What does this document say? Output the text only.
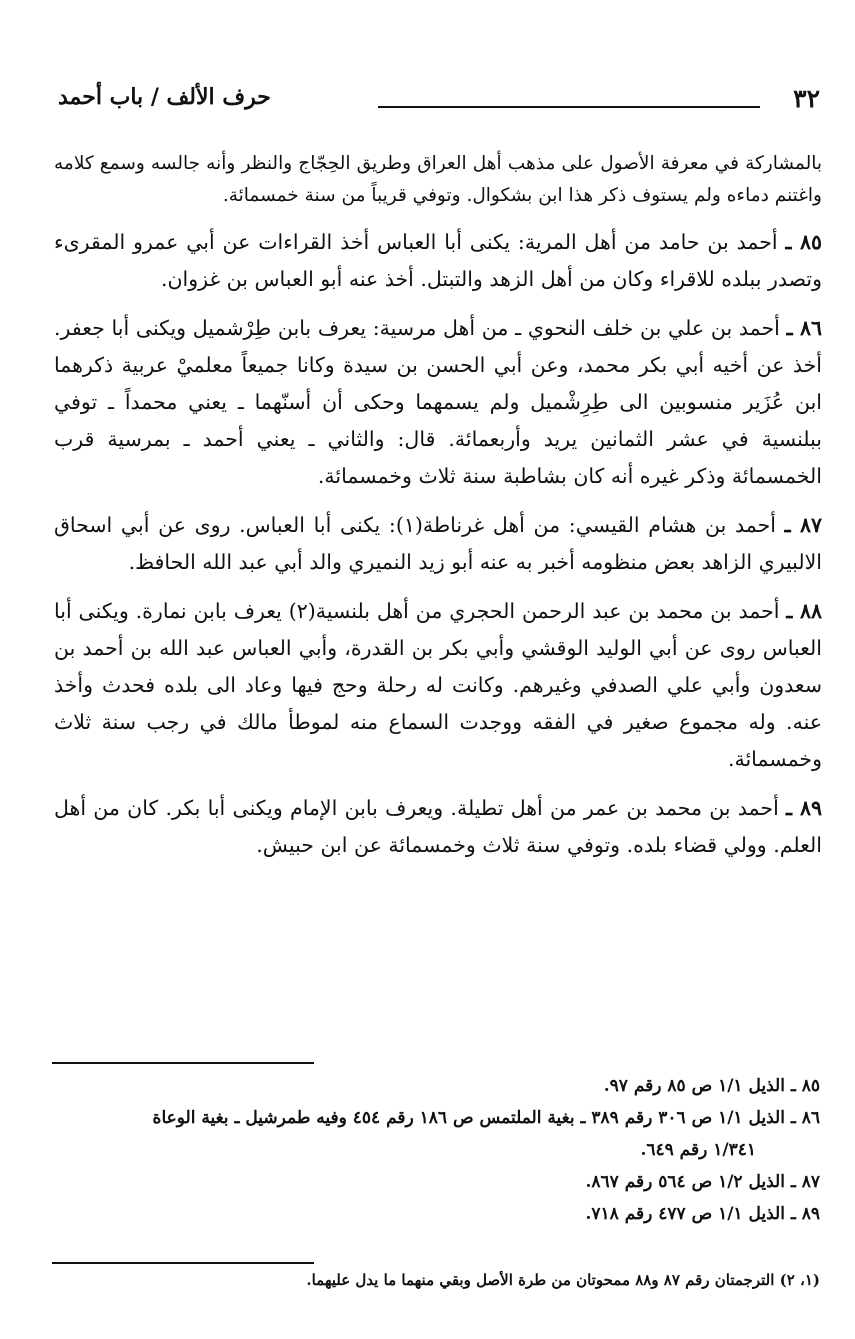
٣٢
حرف الألف / باب أحمد

بالمشاركة في معرفة الأصول على مذهب أهل العراق وطريق الحِجّاج والنظر وأنه جالسه وسمع كلامه واغتنم دماءه ولم يستوف ذكر هذا ابن بشكوال. وتوفي قريباً من سنة خمسمائة.

٨٥ ـ أحمد بن حامد من أهل المرية: يكنى أبا العباس أخذ القراءات عن أبي عمرو المقرىء وتصدر ببلده للاقراء وكان من أهل الزهد والتبتل. أخذ عنه أبو العباس بن غزوان.

٨٦ ـ أحمد بن علي بن خلف النحوي ـ من أهل مرسية: يعرف بابن طِرْشميل ويكنى أبا جعفر. أخذ عن أخيه أبي بكر محمد، وعن أبي الحسن بن سيدة وكانا جميعاً معلميْ عربية ذكرهما ابن عُزَير منسوبين الى طِرِشْميل ولم يسمهما وحكى أن أسنّهما ـ يعني محمداً ـ توفي ببلنسية في عشر الثمانين يريد وأربعمائة. قال: والثاني ـ يعني أحمد ـ بمرسية قرب الخمسمائة وذكر غيره أنه كان بشاطبة سنة ثلاث وخمسمائة.

٨٧ ـ أحمد بن هشام القيسي: من أهل غرناطة(١): يكنى أبا العباس. روى عن أبي اسحاق الالبيري الزاهد بعض منظومه أخبر به عنه أبو زيد النميري والد أبي عبد الله الحافظ.

٨٨ ـ أحمد بن محمد بن عبد الرحمن الحجري من أهل بلنسية(٢) يعرف بابن نمارة. ويكنى أبا العباس روى عن أبي الوليد الوقشي وأبي بكر بن القدرة، وأبي العباس عبد الله بن أحمد بن سعدون وأبي علي الصدفي وغيرهم. وكانت له رحلة وحج فيها وعاد الى بلده فحدث وأخذ عنه. وله مجموع صغير في الفقه ووجدت السماع منه لموطأ مالك في رجب سنة ثلاث وخمسمائة.

٨٩ ـ أحمد بن محمد بن عمر من أهل تطيلة. ويعرف بابن الإمام ويكنى أبا بكر. كان من أهل العلم. وولي قضاء بلده. وتوفي سنة ثلاث وخمسمائة عن ابن حبيش.

٨٥ ـ الذيل ١/١ ص ٨٥ رقم ٩٧.
٨٦ ـ الذيل ١/١ ص ٣٠٦ رقم ٣٨٩ ـ بغية الملتمس ص ١٨٦ رقم ٤٥٤ وفيه طمرشيل ـ بغية الوعاة
١/٣٤١ رقم ٦٤٩.
٨٧ ـ الذيل ١/٢ ص ٥٦٤ رقم ٨٦٧.
٨٩ ـ الذيل ١/١ ص ٤٧٧ رقم ٧١٨.
(١، ٢) الترجمتان رقم ٨٧ و٨٨ ممحوتان من طرة الأصل وبقي منهما ما يدل عليهما.
